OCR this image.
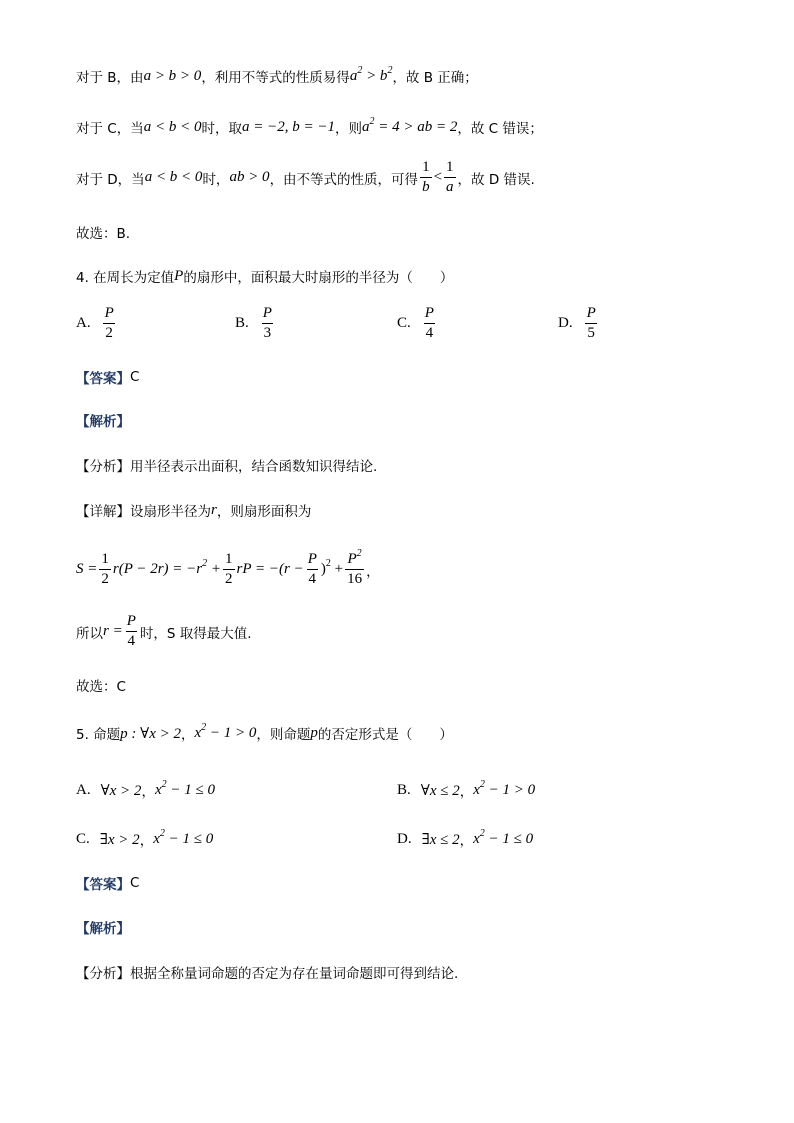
对于 B，由 a > b > 0 ，利用不等式的性质易得 $a^2 > b^2$ ，故 B 正确；
对于 C，当 a < b < 0 时，取 a = −2, b = −1 ，则 $a^2 = 4$ > ab = 2 ，故 C 错误；
对于 D，当 a < b < 0 时， ab > 0 ，由不等式的性质，可得 $\frac{1}{b} < \frac{1}{a}$ ，故 D 错误.
故选：B.
4. 在周长为定值 P 的扇形中，面积最大时扇形的半径为（　　）
A. $\frac{P}{2}$	B. $\frac{P}{3}$	C. $\frac{P}{4}$	D. $\frac{P}{5}$
【答案】 C
【解析】
【分析】 用半径表示出面积，结合函数知识得结论.
【详解】 设扇形半径为 r ，则扇形面积为
$S = \frac{1}{2} r(P - 2r) = -r^2 + \frac{1}{2}$ rP = $-(r - \frac{P}{4} )^2 + \frac{P^2}{16}$ ，
所以 $r = \frac{P}{4}$ 时，S 取得最大值.
故选：C
5. 命题 p : ∀x > 2 ， $x^2 - 1 > 0$ ，则命题 p 的否定形式是（　　）
A. ∀x > 2 ， $x^2 - 1 \le 0$	B. ∀x ≤ 2 ， $x^2 - 1 > 0$
C. ∃x > 2 ， $x^2 - 1 \le 0$	D. ∃x ≤ 2 ， $x^2 - 1 \le 0$
【答案】 C
【解析】
【分析】 根据全称量词命题的否定为存在量词命题即可得到结论.
